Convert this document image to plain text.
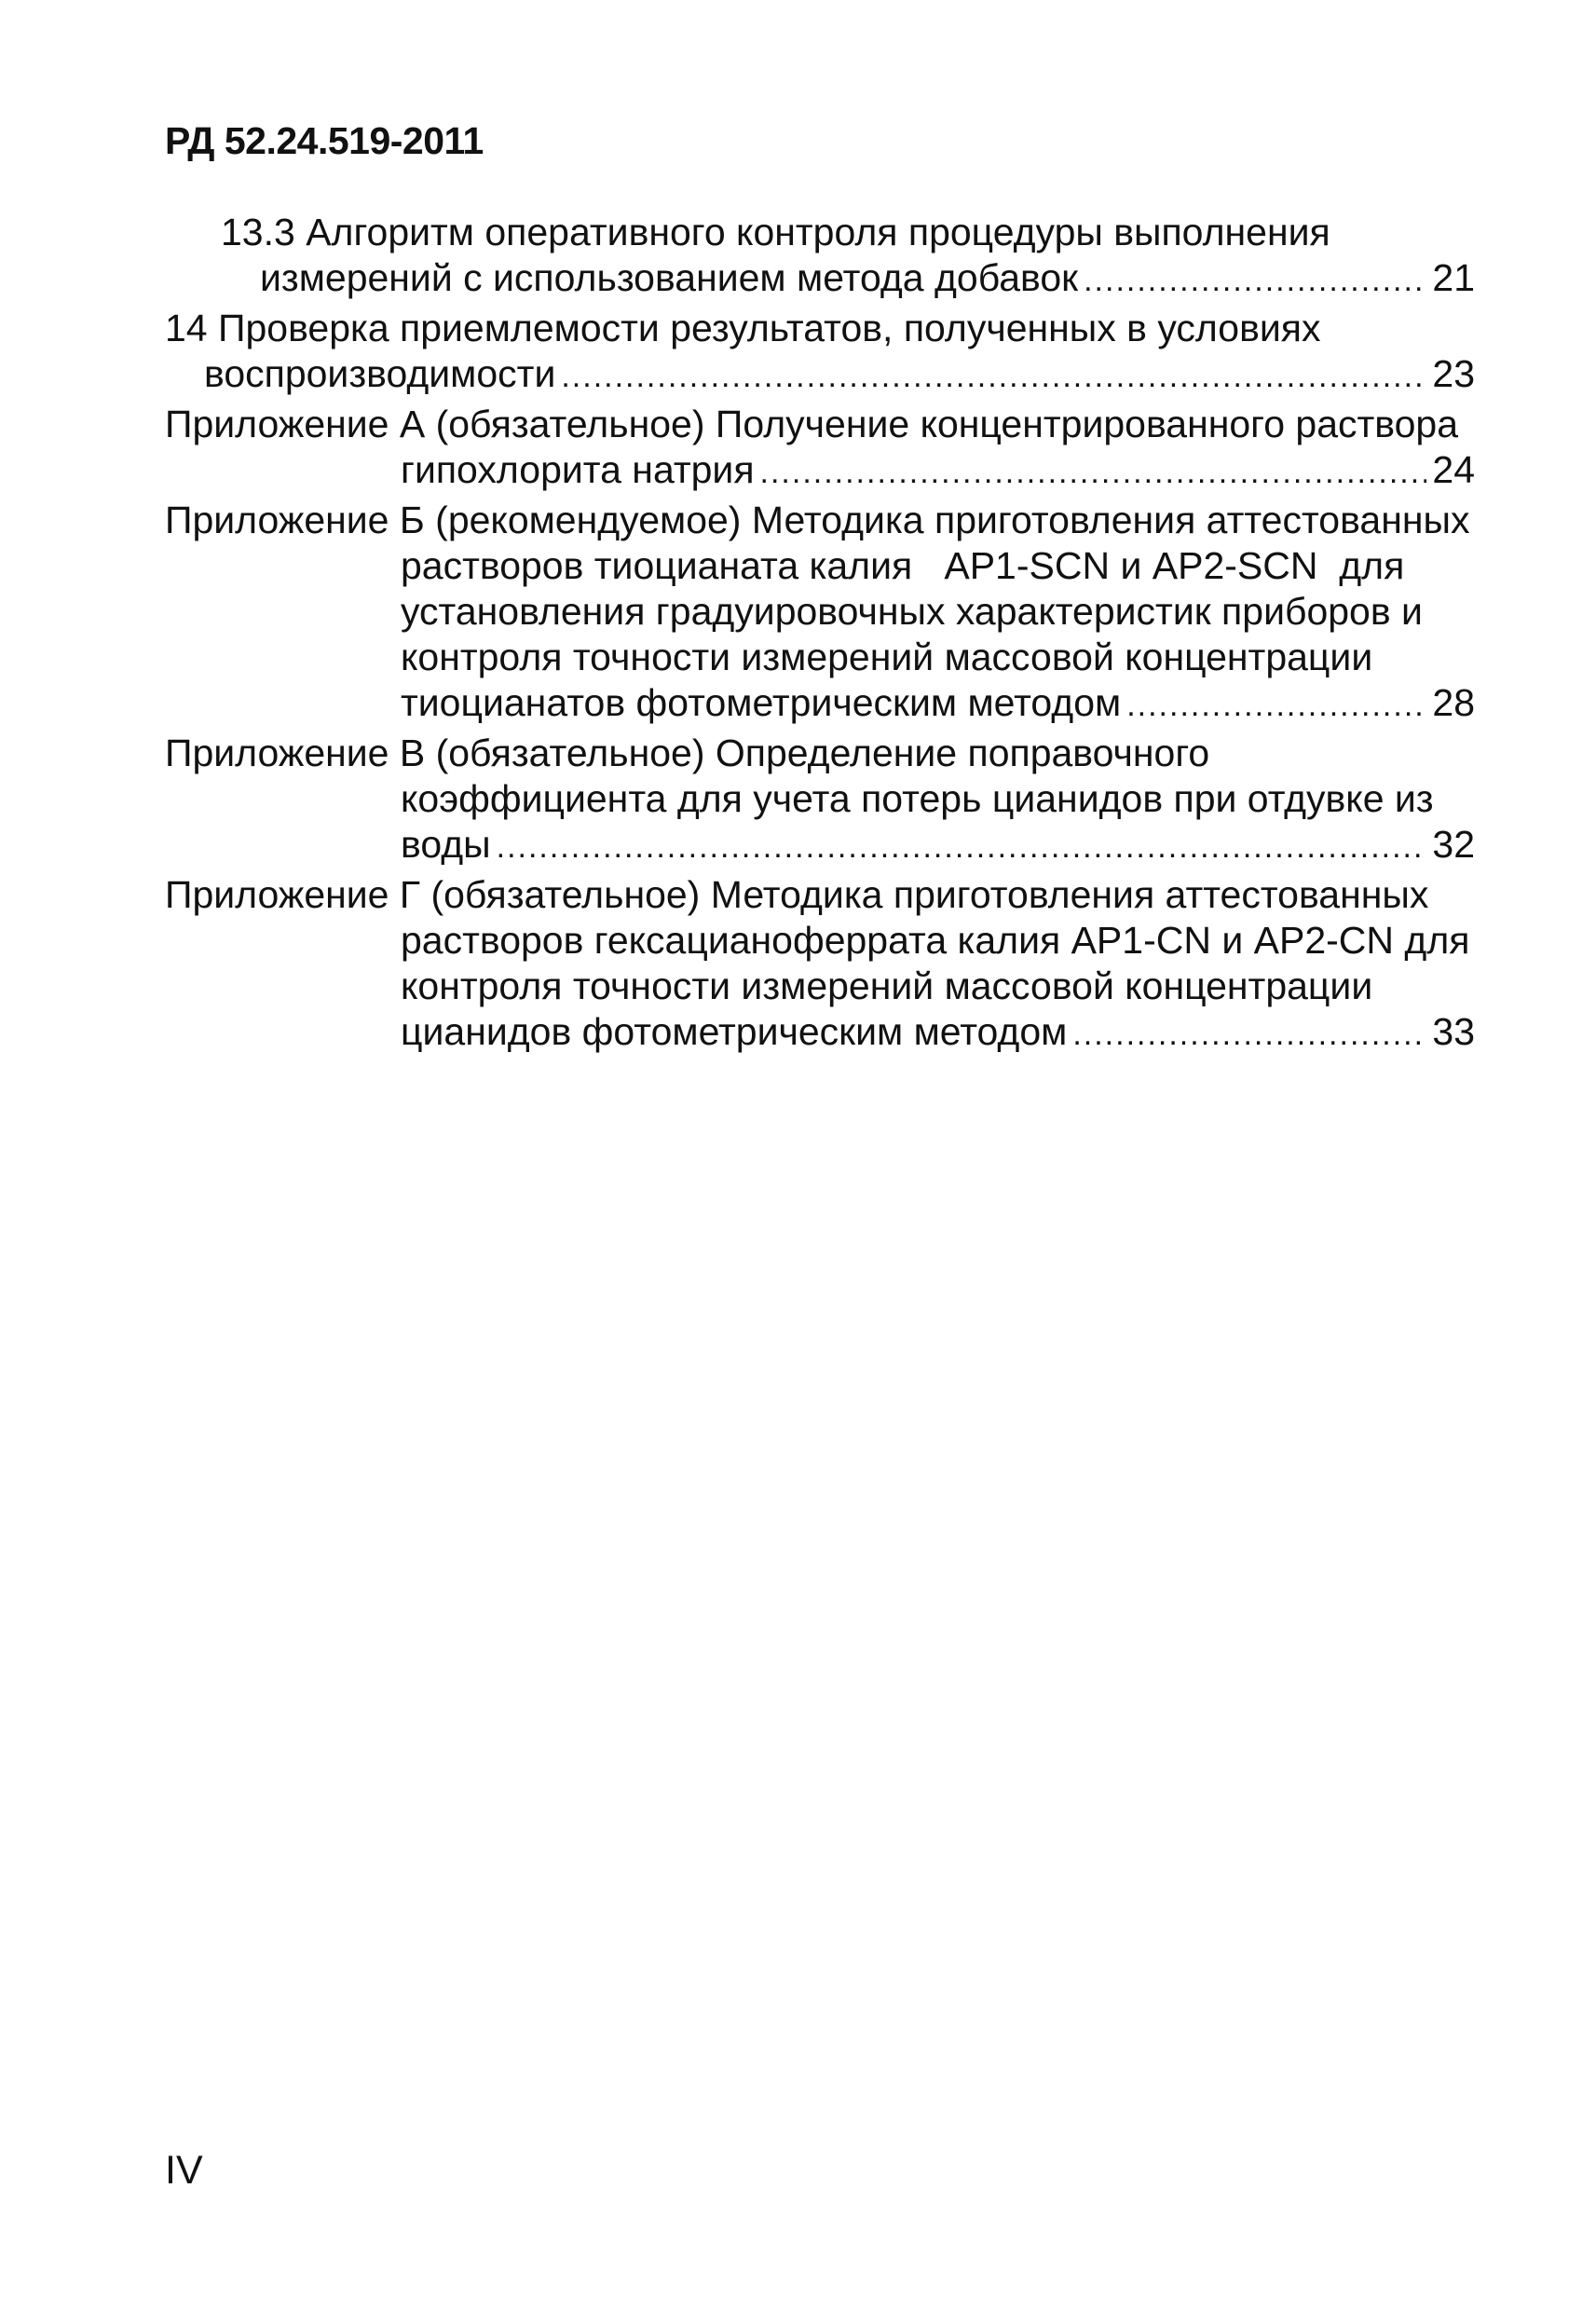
РД 52.24.519-2011
13.3 Алгоритм оперативного контроля процедуры выполнения
измерений с использованием метода добавок .....	21
14 Проверка приемлемости результатов, полученных в условиях
воспроизводимости .....	23
Приложение А (обязательное) Получение концентрированного раствора
гипохлорита натрия .....	24
Приложение Б (рекомендуемое) Методика приготовления аттестованных
растворов тиоцианата калия   АР1-SCN и АР2-SCN  для
установления градуировочных характеристик приборов и
контроля точности измерений массовой концентрации
тиоцианатов фотометрическим методом .....	28
Приложение В (обязательное) Определение поправочного
коэффициента для учета потерь цианидов при отдувке из
воды .....	32
Приложение Г (обязательное) Методика приготовления аттестованных
растворов гексацианоферрата калия АР1-CN и АР2-CN для
контроля точности измерений массовой концентрации
цианидов фотометрическим методом .....	33
IV
